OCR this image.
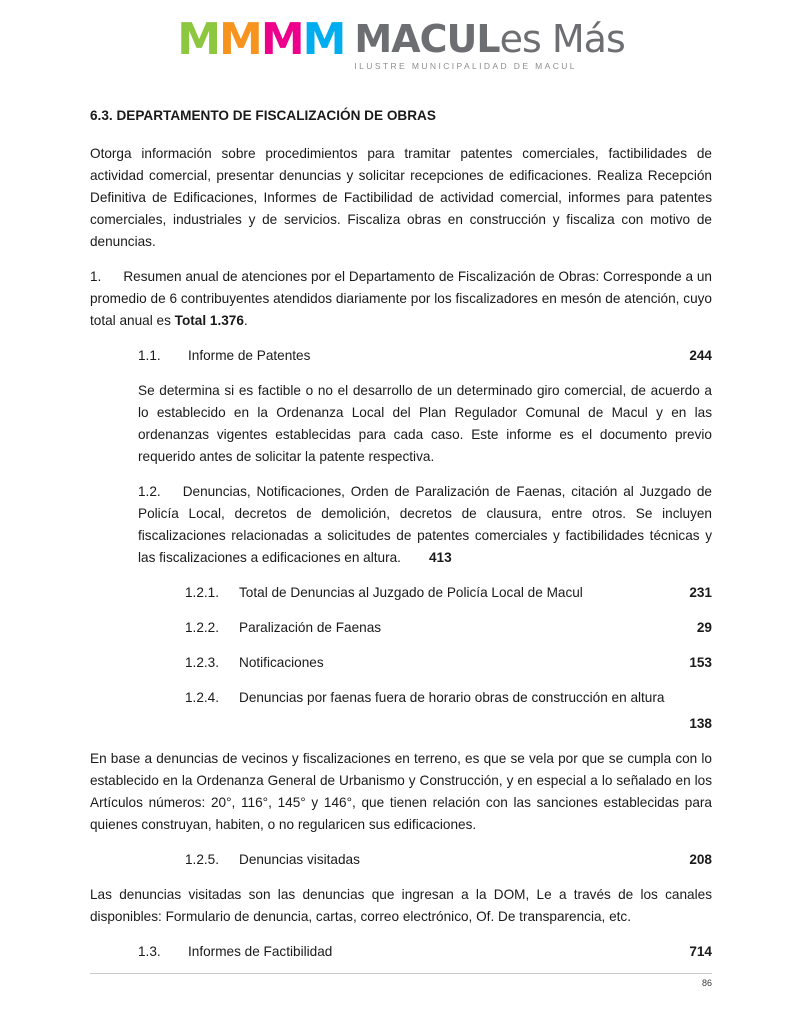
M M M M MACULes Más
ILUSTRE MUNICIPALIDAD DE MACUL
6.3. DEPARTAMENTO DE FISCALIZACIÓN DE OBRAS

Otorga información sobre procedimientos para tramitar patentes comerciales, factibilidades de actividad comercial, presentar denuncias y solicitar recepciones de edificaciones. Realiza Recepción Definitiva de Edificaciones, Informes de Factibilidad de actividad comercial, informes para patentes comerciales, industriales y de servicios. Fiscaliza obras en construcción y fiscaliza con motivo de denuncias.

1. Resumen anual de atenciones por el Departamento de Fiscalización de Obras: Corresponde a un promedio de 6 contribuyentes atendidos diariamente por los fiscalizadores en mesón de atención, cuyo total anual es Total 1.376.

1.1.	Informe de Patentes	244

Se determina si es factible o no el desarrollo de un determinado giro comercial, de acuerdo a lo establecido en la Ordenanza Local del Plan Regulador Comunal de Macul y en las ordenanzas vigentes establecidas para cada caso. Este informe es el documento previo requerido antes de solicitar la patente respectiva.

1.2. Denuncias, Notificaciones, Orden de Paralización de Faenas, citación al Juzgado de Policía Local, decretos de demolición, decretos de clausura, entre otros. Se incluyen fiscalizaciones relacionadas a solicitudes de patentes comerciales y factibilidades técnicas y las fiscalizaciones a edificaciones en altura. 413

1.2.1.	Total de Denuncias al Juzgado de Policía Local de Macul	231
1.2.2.	Paralización de Faenas	29
1.2.3.	Notificaciones	153
1.2.4.	Denuncias por faenas fuera de horario obras de construcción en altura
138

En base a denuncias de vecinos y fiscalizaciones en terreno, es que se vela por que se cumpla con lo establecido en la Ordenanza General de Urbanismo y Construcción, y en especial a lo señalado en los Artículos números: 20°, 116°, 145° y 146°, que tienen relación con las sanciones establecidas para quienes construyan, habiten, o no regularicen sus edificaciones.

1.2.5.	Denuncias visitadas	208

Las denuncias visitadas son las denuncias que ingresan a la DOM, Le a través de los canales disponibles: Formulario de denuncia, cartas, correo electrónico, Of. De transparencia, etc.

1.3.	Informes de Factibilidad	714
86
